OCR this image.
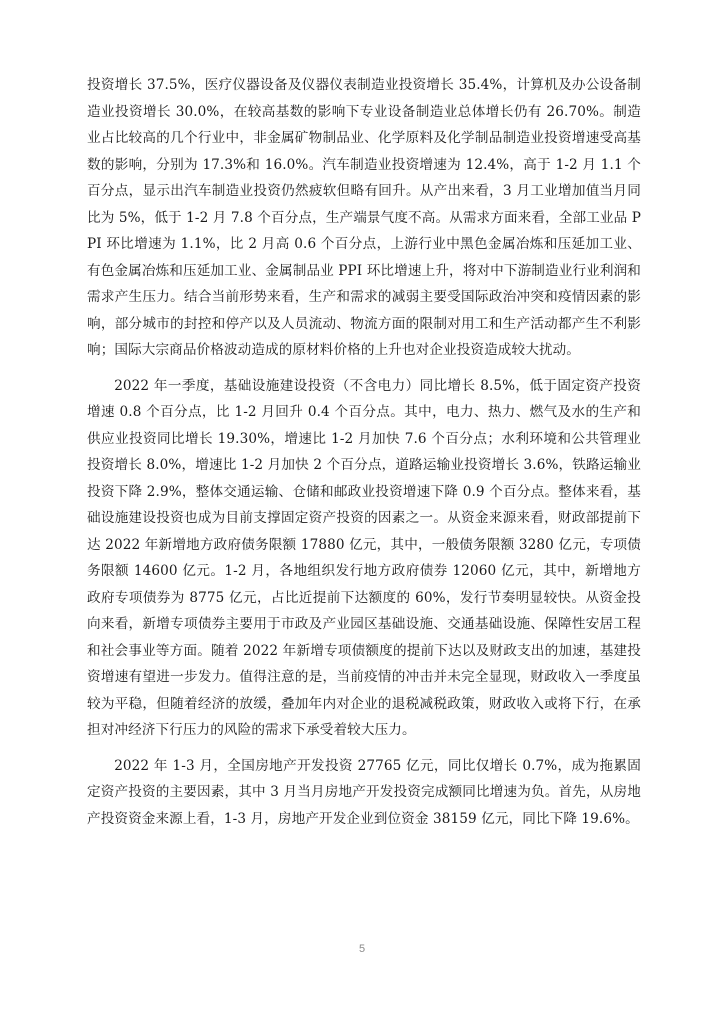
投资增长 37.5%，医疗仪器设备及仪器仪表制造业投资增长 35.4%，计算机及办公设备制造业投资增长 30.0%，在较高基数的影响下专业设备制造业总体增长仍有 26.70%。制造业占比较高的几个行业中，非金属矿物制品业、化学原料及化学制品制造业投资增速受高基数的影响，分别为 17.3%和 16.0%。汽车制造业投资增速为 12.4%，高于 1-2 月 1.1 个百分点，显示出汽车制造业投资仍然疲软但略有回升。从产出来看，3 月工业增加值当月同比为 5%，低于 1-2 月 7.8 个百分点，生产端景气度不高。从需求方面来看，全部工业品 PPI 环比增速为 1.1%，比 2 月高 0.6 个百分点，上游行业中黑色金属冶炼和压延加工业、有色金属冶炼和压延加工业、金属制品业 PPI 环比增速上升，将对中下游制造业行业利润和需求产生压力。结合当前形势来看，生产和需求的减弱主要受国际政治冲突和疫情因素的影响，部分城市的封控和停产以及人员流动、物流方面的限制对用工和生产活动都产生不利影响；国际大宗商品价格波动造成的原材料价格的上升也对企业投资造成较大扰动。

2022 年一季度，基础设施建设投资（不含电力）同比增长 8.5%，低于固定资产投资增速 0.8 个百分点，比 1-2 月回升 0.4 个百分点。其中，电力、热力、燃气及水的生产和供应业投资同比增长 19.30%，增速比 1-2 月加快 7.6 个百分点；水利环境和公共管理业投资增长 8.0%，增速比 1-2 月加快 2 个百分点，道路运输业投资增长 3.6%，铁路运输业投资下降 2.9%，整体交通运输、仓储和邮政业投资增速下降 0.9 个百分点。整体来看，基础设施建设投资也成为目前支撑固定资产投资的因素之一。从资金来源来看，财政部提前下达 2022 年新增地方政府债务限额 17880 亿元，其中，一般债务限额 3280 亿元，专项债务限额 14600 亿元。1-2 月，各地组织发行地方政府债券 12060 亿元，其中，新增地方政府专项债券为 8775 亿元，占比近提前下达额度的 60%，发行节奏明显较快。从资金投向来看，新增专项债券主要用于市政及产业园区基础设施、交通基础设施、保障性安居工程和社会事业等方面。随着 2022 年新增专项债额度的提前下达以及财政支出的加速，基建投资增速有望进一步发力。值得注意的是，当前疫情的冲击并未完全显现，财政收入一季度虽较为平稳，但随着经济的放缓，叠加年内对企业的退税减税政策，财政收入或将下行，在承担对冲经济下行压力的风险的需求下承受着较大压力。

2022 年 1-3 月，全国房地产开发投资 27765 亿元，同比仅增长 0.7%，成为拖累固定资产投资的主要因素，其中 3 月当月房地产开发投资完成额同比增速为负。首先，从房地产投资资金来源上看，1-3 月，房地产开发企业到位资金 38159 亿元，同比下降 19.6%。

5
